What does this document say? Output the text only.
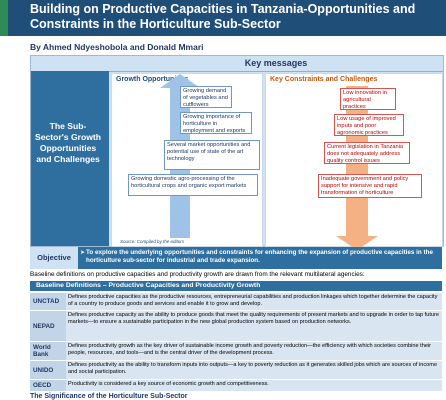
Building on Productive Capacities in Tanzania-Opportunities and Constraints in the Horticulture Sub-Sector
By Ahmed Ndyeshobola and Donald Mmari
The Sub-Sector's Growth Opportunities and Challenges
Key messages
Growth Opportunities
Growing demand of vegetables and cutflowers
Growing importance of horticulture in employment and exports
Several market opportunities and potential use of state of the art technology
Growing domestic agro-processing of the horticultural crops and organic export markets
Source: Compiled by the editors
Key Constraints and Challenges
Low innovation in agricultural practices
Low usage of improved inputs and poor agronomic practices
Current legislation in Tanzania does not adequately address quality control issues
Inadequate government and policy support for intensive and rapid transformation of horticulture
Objective	➤ To explore the underlying opportunities and constraints for enhancing the expansion of productive capacities in the horticulture sub-sector for industrial and trade expansion.
Baseline definitions on productive capacities and productivity growth are drawn from the relevant multilateral agencies:
Baseline Definitions – Productive Capacities and Productivity Growth
UNCTAD
Defines productive capacities as the productive resources, entrepreneurial capabilities and production linkages which together determine the capacity of a country to produce goods and services and enable it to grow and develop.
NEPAD
Defines productive capacity as the ability to produce goods that meet the quality requirements of present markets and to upgrade in order to tap future markets—to ensure a sustainable participation in the new global production system based on production networks.
World Bank
Defines productivity growth as the key driver of sustainable income growth and poverty reduction—the efficiency with which societies combine their people, resources, and tools—and is the central driver of the development process.
UNIDO
Defines productivity as the ability to transform inputs into outputs—a key to poverty reduction as it generates skilled jobs which are sources of income and social participation.
OECD	Productivity is considered a key source of economic growth and competitiveness.
The Significance of the Horticulture Sub-Sector
